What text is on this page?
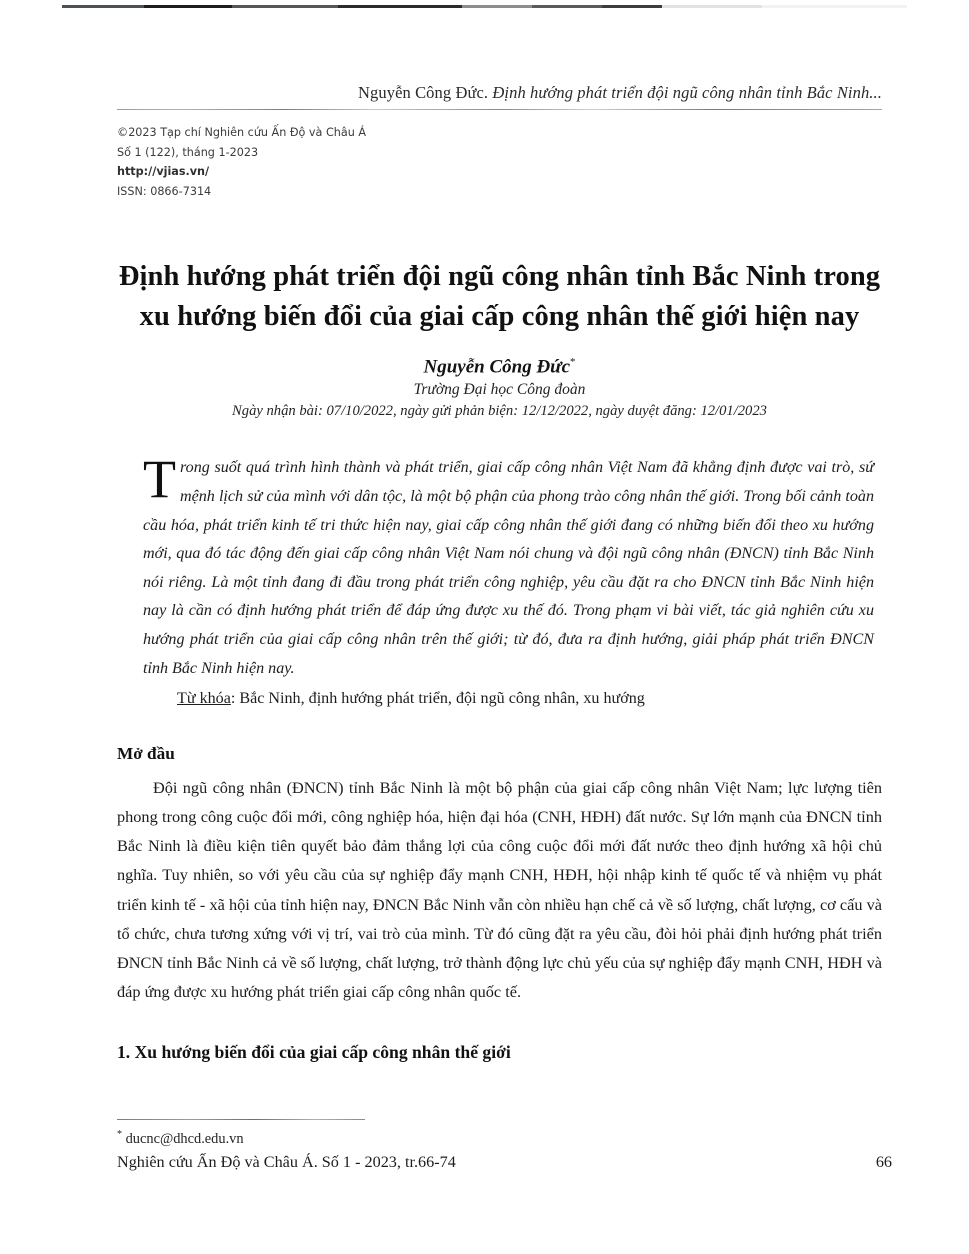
Nguyễn Công Đức. Định hướng phát triển đội ngũ công nhân tỉnh Bắc Ninh...
©2023 Tạp chí Nghiên cứu Ấn Độ và Châu Á
Số 1 (122), tháng 1-2023
http://vjias.vn/
ISSN: 0866-7314
Định hướng phát triển đội ngũ công nhân tỉnh Bắc Ninh trong xu hướng biến đổi của giai cấp công nhân thế giới hiện nay
Nguyễn Công Đức*
Trường Đại học Công đoàn
Ngày nhận bài: 07/10/2022, ngày gửi phản biện: 12/12/2022, ngày duyệt đăng: 12/01/2023
Trong suốt quá trình hình thành và phát triển, giai cấp công nhân Việt Nam đã khẳng định được vai trò, sứ mệnh lịch sử của mình với dân tộc, là một bộ phận của phong trào công nhân thế giới. Trong bối cảnh toàn cầu hóa, phát triển kinh tế tri thức hiện nay, giai cấp công nhân thế giới đang có những biến đổi theo xu hướng mới, qua đó tác động đến giai cấp công nhân Việt Nam nói chung và đội ngũ công nhân (ĐNCN) tỉnh Bắc Ninh nói riêng. Là một tỉnh đang đi đầu trong phát triển công nghiệp, yêu cầu đặt ra cho ĐNCN tỉnh Bắc Ninh hiện nay là cần có định hướng phát triển để đáp ứng được xu thế đó. Trong phạm vi bài viết, tác giả nghiên cứu xu hướng phát triển của giai cấp công nhân trên thế giới; từ đó, đưa ra định hướng, giải pháp phát triển ĐNCN tỉnh Bắc Ninh hiện nay.
Từ khóa: Bắc Ninh, định hướng phát triển, đội ngũ công nhân, xu hướng
Mở đầu
Đội ngũ công nhân (ĐNCN) tỉnh Bắc Ninh là một bộ phận của giai cấp công nhân Việt Nam; lực lượng tiên phong trong công cuộc đổi mới, công nghiệp hóa, hiện đại hóa (CNH, HĐH) đất nước. Sự lớn mạnh của ĐNCN tỉnh Bắc Ninh là điều kiện tiên quyết bảo đảm thắng lợi của công cuộc đổi mới đất nước theo định hướng xã hội chủ nghĩa. Tuy nhiên, so với yêu cầu của sự nghiệp đẩy mạnh CNH, HĐH, hội nhập kinh tế quốc tế và nhiệm vụ phát triển kinh tế - xã hội của tỉnh hiện nay, ĐNCN Bắc Ninh vẫn còn nhiều hạn chế cả về số lượng, chất lượng, cơ cấu và tổ chức, chưa tương xứng với vị trí, vai trò của mình. Từ đó cũng đặt ra yêu cầu, đòi hỏi phải định hướng phát triển ĐNCN tỉnh Bắc Ninh cả về số lượng, chất lượng, trở thành động lực chủ yếu của sự nghiệp đẩy mạnh CNH, HĐH và đáp ứng được xu hướng phát triển giai cấp công nhân quốc tế.
1. Xu hướng biến đổi của giai cấp công nhân thế giới
* ducnc@dhcd.edu.vn
Nghiên cứu Ấn Độ và Châu Á. Số 1 - 2023, tr.66-74	66
